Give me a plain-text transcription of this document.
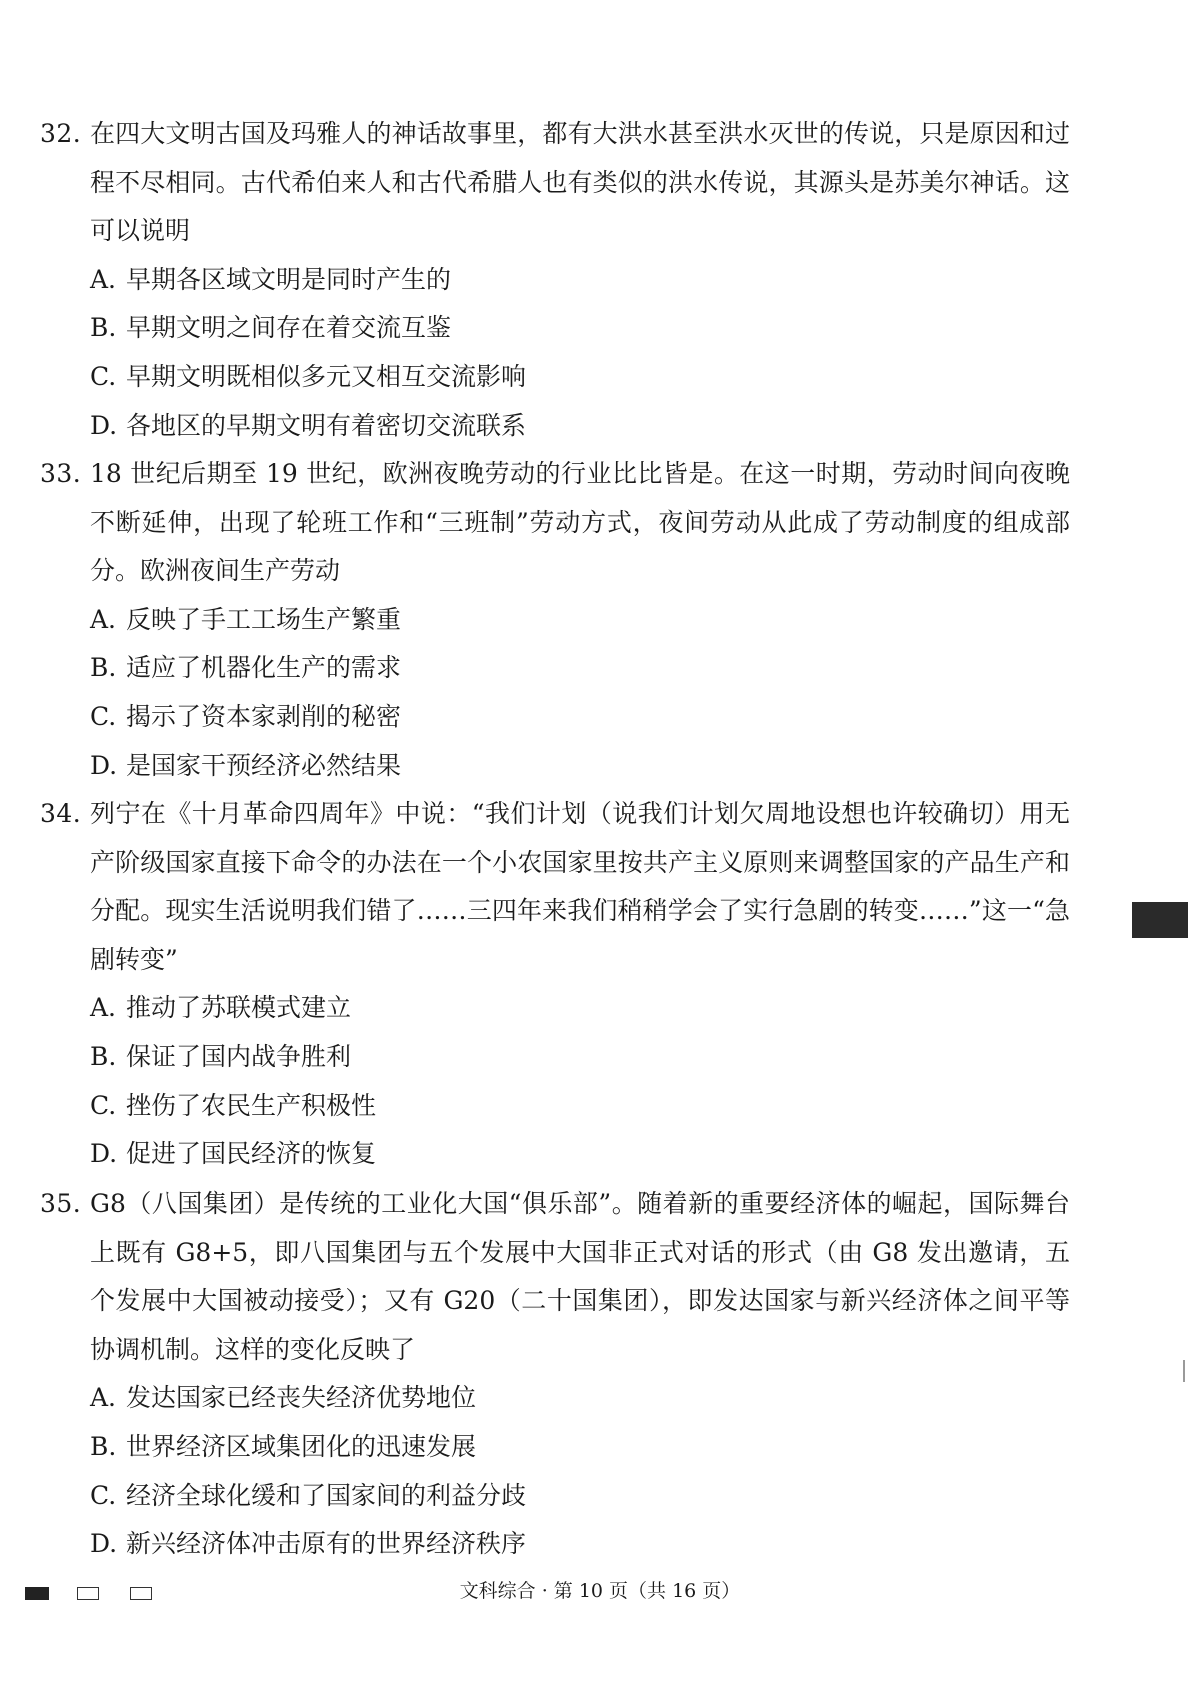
32. 在四大文明古国及玛雅人的神话故事里，都有大洪水甚至洪水灭世的传说，只是原因和过程不尽相同。古代希伯来人和古代希腊人也有类似的洪水传说，其源头是苏美尔神话。这可以说明
A. 早期各区域文明是同时产生的
B. 早期文明之间存在着交流互鉴
C. 早期文明既相似多元又相互交流影响
D. 各地区的早期文明有着密切交流联系
33. 18 世纪后期至 19 世纪，欧洲夜晚劳动的行业比比皆是。在这一时期，劳动时间向夜晚不断延伸，出现了轮班工作和“三班制”劳动方式，夜间劳动从此成了劳动制度的组成部分。欧洲夜间生产劳动
A. 反映了手工工场生产繁重
B. 适应了机器化生产的需求
C. 揭示了资本家剥削的秘密
D. 是国家干预经济必然结果
34. 列宁在《十月革命四周年》中说：“我们计划（说我们计划欠周地设想也许较确切）用无产阶级国家直接下命令的办法在一个小农国家里按共产主义原则来调整国家的产品生产和分配。现实生活说明我们错了……三四年来我们稍稍学会了实行急剧的转变……”这一“急剧转变”
A. 推动了苏联模式建立
B. 保证了国内战争胜利
C. 挫伤了农民生产积极性
D. 促进了国民经济的恢复
35. G8（八国集团）是传统的工业化大国“俱乐部”。随着新的重要经济体的崛起，国际舞台上既有 G8+5，即八国集团与五个发展中大国非正式对话的形式（由 G8 发出邀请，五个发展中大国被动接受）；又有 G20（二十国集团），即发达国家与新兴经济体之间平等协调机制。这样的变化反映了
A. 发达国家已经丧失经济优势地位
B. 世界经济区域集团化的迅速发展
C. 经济全球化缓和了国家间的利益分歧
D. 新兴经济体冲击原有的世界经济秩序
文科综合 · 第 10 页（共 16 页）
